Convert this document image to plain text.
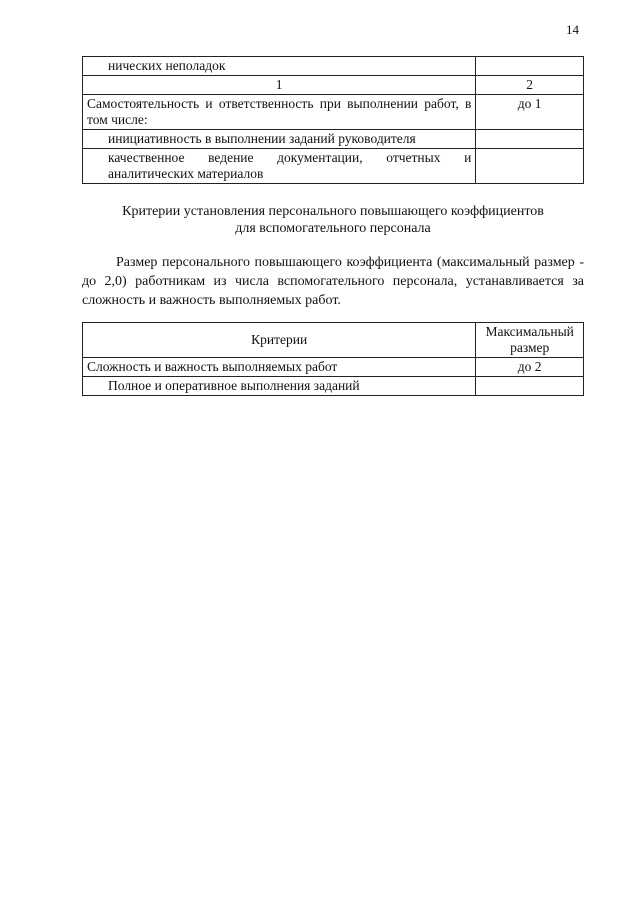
14
нических неполадок	
1	2
Самостоятельность и ответственность при выполнении работ, в том числе:	до 1
инициативность в выполнении заданий руководителя	
качественное ведение документации, отчетных и аналитических материалов	
Критерии установления персонального повышающего коэффициентов
для вспомогательного персонала
Размер персонального повышающего коэффициента (максимальный размер - до 2,0) работникам из числа вспомогательного персонала, устанавливается за сложность и важность выполняемых работ.
Критерии	Максимальный размер
Сложность и важность выполняемых работ	до 2
Полное и оперативное выполнения заданий	
